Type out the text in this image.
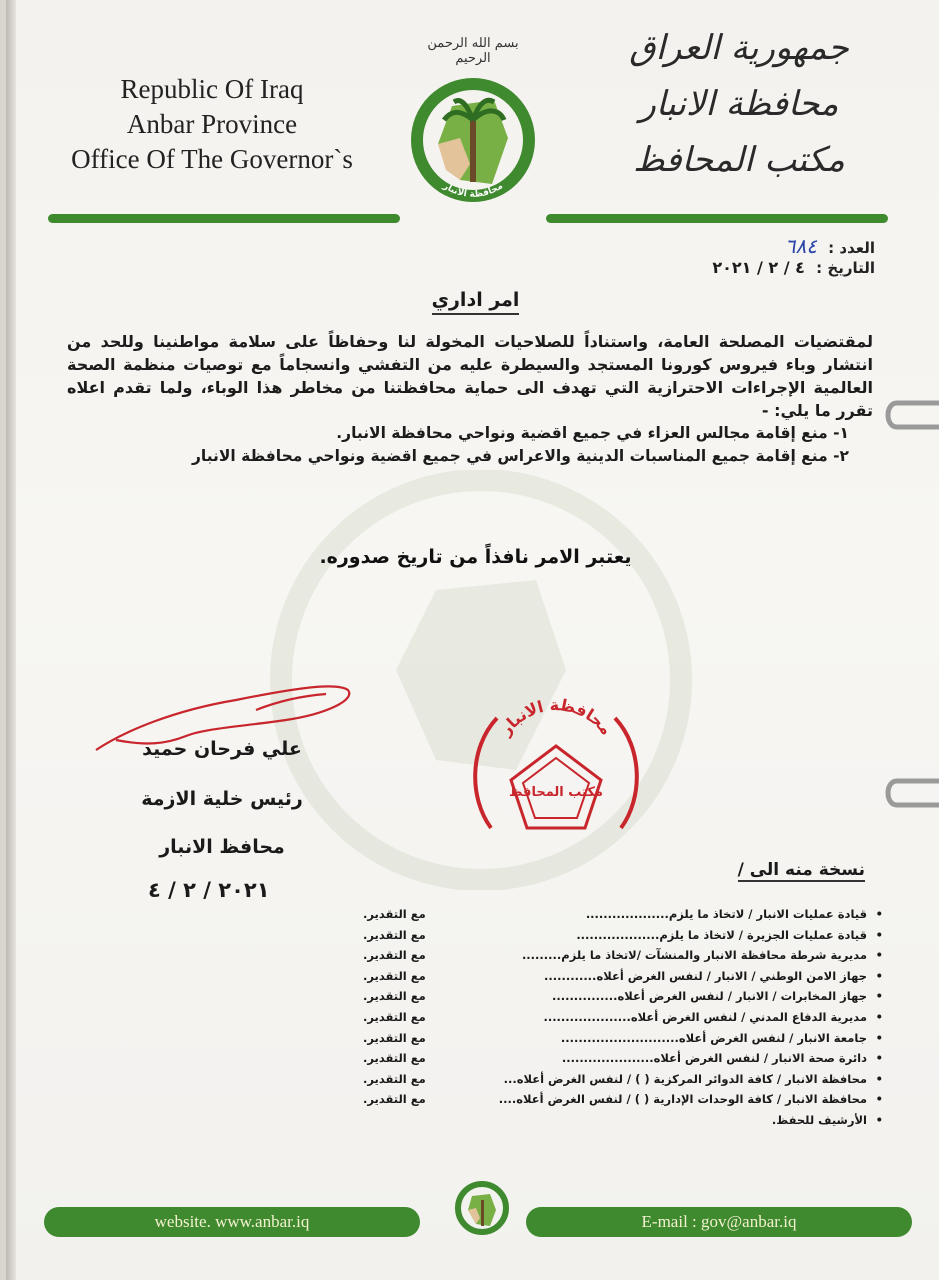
Republic Of Iraq
Anbar Province
Office Of The Governor`s
جمهورية العراق
محافظة الانبار
مكتب المحافظ
بسم الله الرحمن الرحيم
محافظة الانبار
العدد : ٦٨٤
التاريخ : ٤ / ٢ / ٢٠٢١
امر اداري

لمقتضيات المصلحة العامة، واستناداً للصلاحيات المخولة لنا وحفاظاً على سلامة مواطنينا وللحد من انتشار وباء فيروس كورونا المستجد والسيطرة عليه من التفشي وانسجاماً مع توصيات منظمة الصحة العالمية الإجراءات الاحترازية التي تهدف الى حماية محافظتنا من مخاطر هذا الوباء، ولما تقدم اعلاه تقرر ما يلي: -

١- منع إقامة مجالس العزاء في جميع اقضية ونواحي محافظة الانبار.

٢- منع إقامة جميع المناسبات الدينية والاعراس في جميع اقضية ونواحي محافظة الانبار

يعتبر الامر نافذاً من تاريخ صدوره.
علي فرحان حميد
رئيس خلية الازمة
محافظ الانبار
٢٠٢١ / ٢ / ٤
محافظة الانبار
مكتب المحافظ
نسخة منه الى /
•قيادة عمليات الانبار / لاتخاذ ما يلزم...................
مع التقدير.
•قيادة عمليات الجزيرة / لاتخاذ ما يلزم...................
مع التقدير.
•مديرية شرطة محافظة الانبار والمنشآت /لاتخاذ ما يلزم.........
مع التقدير.
•جهاز الامن الوطني / الانبار / لنفس الغرض أعلاه............
مع التقدير.
•جهاز المخابرات / الانبار / لنفس الغرض أعلاه...............
مع التقدير.
•مديرية الدفاع المدني / لنفس الغرض أعلاه....................
مع التقدير.
•جامعة الانبار / لنفس الغرض أعلاه...........................
مع التقدير.
•دائرة صحة الانبار / لنفس الغرض أعلاه.....................
مع التقدير.
•محافظة الانبار / كافة الدوائر المركزية ( ) / لنفس الغرض أعلاه...
مع التقدير.
•محافظة الانبار / كافة الوحدات الإدارية ( ) / لنفس الغرض أعلاه....
مع التقدير.
•الأرشيف للحفظ.
website. www.anbar.iq	E-mail : gov@anbar.iq
